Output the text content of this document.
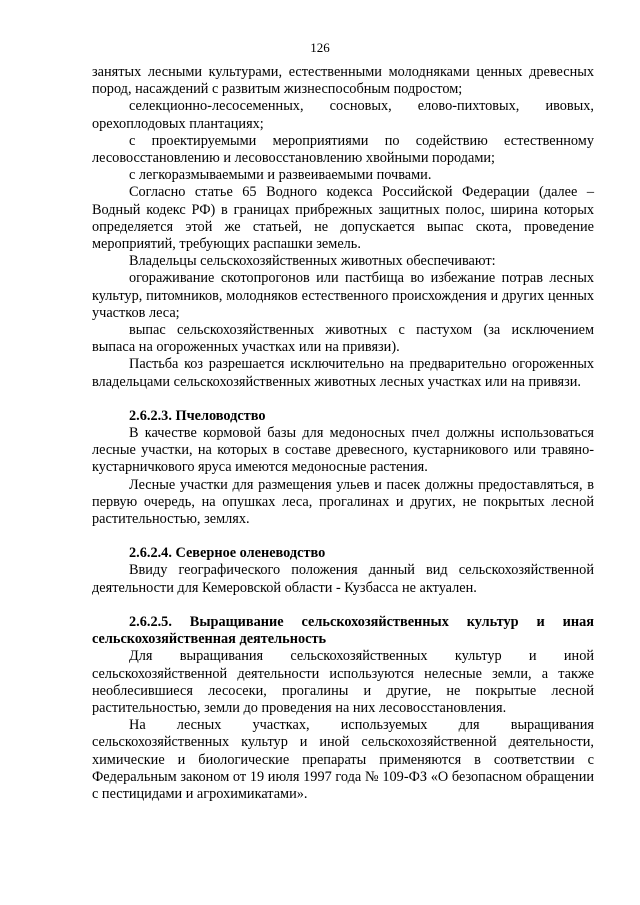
126

занятых лесными культурами, естественными молодняками ценных древесных пород, насаждений с развитым жизнеспособным подростом;

селекционно-лесосеменных, сосновых, елово-пихтовых, ивовых, орехоплодовых плантациях;

с проектируемыми мероприятиями по содействию естественному лесовосстановлению и лесовосстановлению хвойными породами;

с легкоразмываемыми и развеиваемыми почвами.

Согласно статье 65 Водного кодекса Российской Федерации (далее – Водный кодекс РФ) в границах прибрежных защитных полос, ширина которых определяется этой же статьей, не допускается выпас скота, проведение мероприятий, требующих распашки земель.

Владельцы сельскохозяйственных животных обеспечивают:

огораживание скотопрогонов или пастбища во избежание потрав лесных культур, питомников, молодняков естественного происхождения и других ценных участков леса;

выпас сельскохозяйственных животных с пастухом (за исключением выпаса на огороженных участках или на привязи).

Пастьба коз разрешается исключительно на предварительно огороженных владельцами сельскохозяйственных животных лесных участках или на привязи.

2.6.2.3. Пчеловодство

В качестве кормовой базы для медоносных пчел должны использоваться лесные участки, на которых в составе древесного, кустарникового или травяно-кустарничкового яруса имеются медоносные растения.

Лесные участки для размещения ульев и пасек должны предоставляться, в первую очередь, на опушках леса, прогалинах и других, не покрытых лесной растительностью, землях.

2.6.2.4. Северное оленеводство

Ввиду географического положения данный вид сельскохозяйственной деятельности для Кемеровской области - Кузбасса не актуален.

2.6.2.5. Выращивание сельскохозяйственных культур и иная сельскохозяйственная деятельность

Для выращивания сельскохозяйственных культур и иной сельскохозяйственной деятельности используются нелесные земли, а также необлесившиеся лесосеки, прогалины и другие, не покрытые лесной растительностью, земли до проведения на них лесовосстановления.

На лесных участках, используемых для выращивания сельскохозяйственных культур и иной сельскохозяйственной деятельности, химические и биологические препараты применяются в соответствии с Федеральным законом от 19 июля 1997 года № 109-ФЗ «О безопасном обращении с пестицидами и агрохимикатами».
